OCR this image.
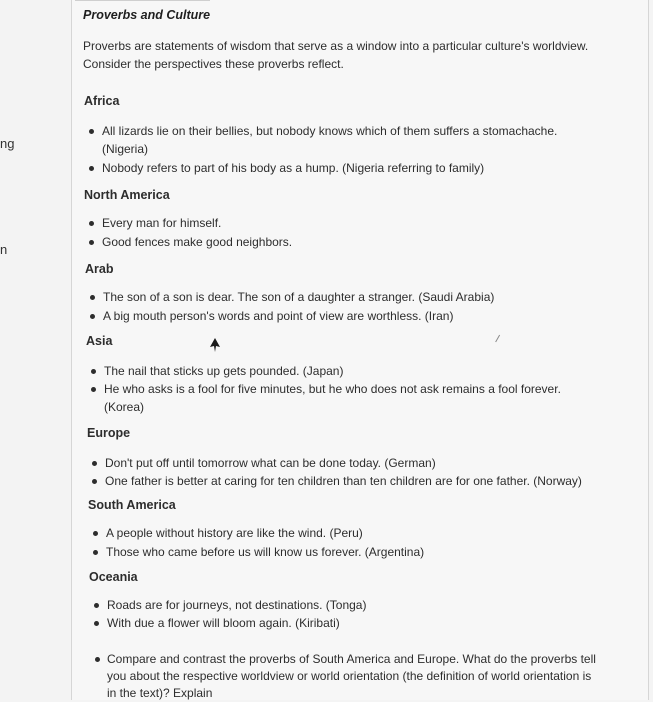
ng
n
Proverbs and Culture
Proverbs are statements of wisdom that serve as a window into a particular culture's worldview.
Consider the perspectives these proverbs reflect.
Africa
All lizards lie on their bellies, but nobody knows which of them suffers a stomachache.
(Nigeria)
Nobody refers to part of his body as a hump. (Nigeria referring to family)
North America
Every man for himself.
Good fences make good neighbors.
Arab
The son of a son is dear. The son of a daughter a stranger. (Saudi Arabia)
A big mouth person's words and point of view are worthless. (Iran)
Asia
The nail that sticks up gets pounded. (Japan)
He who asks is a fool for five minutes, but he who does not ask remains a fool forever.
(Korea)
Europe
Don't put off until tomorrow what can be done today. (German)
One father is better at caring for ten children than ten children are for one father. (Norway)
South America
A people without history are like the wind. (Peru)
Those who came before us will know us forever. (Argentina)
Oceania
Roads are for journeys, not destinations. (Tonga)
With due a flower will bloom again. (Kiribati)
Compare and contrast the proverbs of South America and Europe. What do the proverbs tell
you about the respective worldview or world orientation (the definition of world orientation is
in the text)? Explain
